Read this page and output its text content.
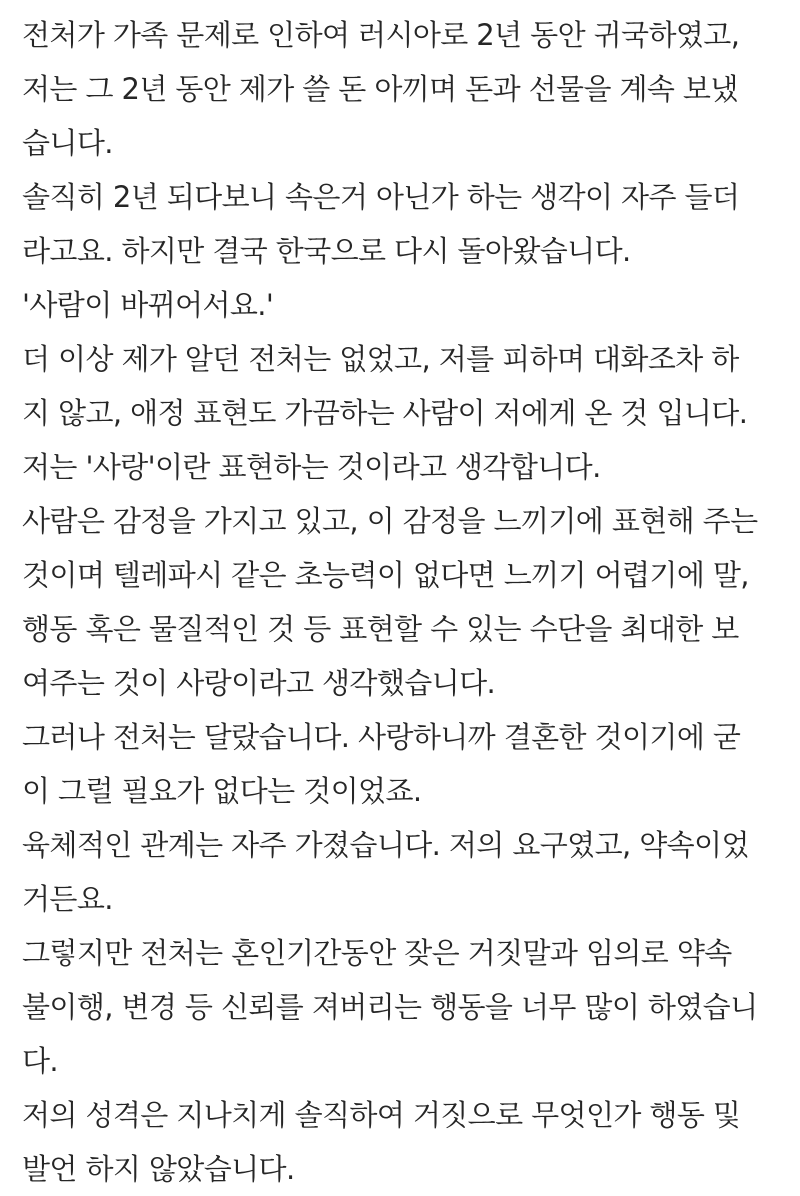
전처가 가족 문제로 인하여 러시아로 2년 동안 귀국하였고,
저는 그 2년 동안 제가 쓸 돈 아끼며 돈과 선물을 계속 보냈
습니다.
솔직히 2년 되다보니 속은거 아닌가 하는 생각이 자주 들더
라고요. 하지만 결국 한국으로 다시 돌아왔습니다.
'사람이 바뀌어서요.'
더 이상 제가 알던 전처는 없었고, 저를 피하며 대화조차 하
지 않고, 애정 표현도 가끔하는 사람이 저에게 온 것 입니다.
저는 '사랑'이란 표현하는 것이라고 생각합니다.
사람은 감정을 가지고 있고, 이 감정을 느끼기에 표현해 주는
것이며 텔레파시 같은 초능력이 없다면 느끼기 어렵기에 말,
행동 혹은 물질적인 것 등 표현할 수 있는 수단을 최대한 보
여주는 것이 사랑이라고 생각했습니다.
그러나 전처는 달랐습니다. 사랑하니까 결혼한 것이기에 굳
이 그럴 필요가 없다는 것이었죠.
육체적인 관계는 자주 가졌습니다. 저의 요구였고, 약속이었
거든요.
그렇지만 전처는 혼인기간동안 잦은 거짓말과 임의로 약속
불이행, 변경 등 신뢰를 져버리는 행동을 너무 많이 하였습니
다.
저의 성격은 지나치게 솔직하여 거짓으로 무엇인가 행동 및
발언 하지 않았습니다.
